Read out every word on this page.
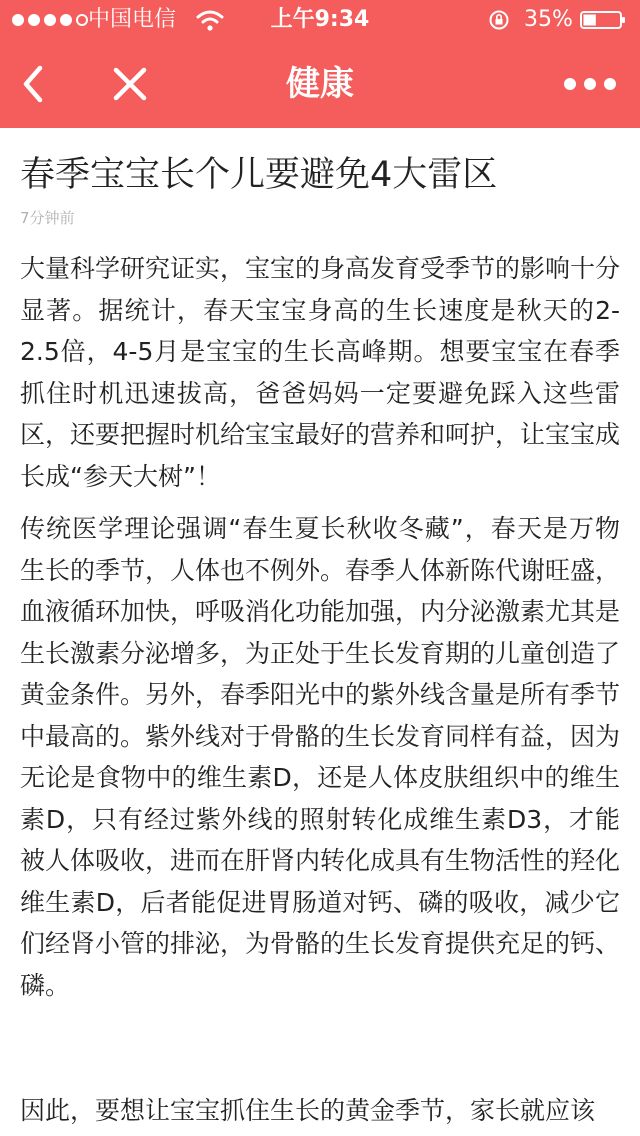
中国电信	上午9:34	35%
健康
春季宝宝长个儿要避免4大雷区
7分钟前

大量科学研究证实，宝宝的身高发育受季节的影响十分显著。据统计，春天宝宝身高的生长速度是秋天的2-2.5倍，4-5月是宝宝的生长高峰期。想要宝宝在春季抓住时机迅速拔高，爸爸妈妈一定要避免踩入这些雷区，还要把握时机给宝宝最好的营养和呵护，让宝宝成长成“参天大树”！

传统医学理论强调“春生夏长秋收冬藏”，春天是万物生长的季节，人体也不例外。春季人体新陈代谢旺盛，血液循环加快，呼吸消化功能加强，内分泌激素尤其是生长激素分泌增多，为正处于生长发育期的儿童创造了黄金条件。另外，春季阳光中的紫外线含量是所有季节中最高的。紫外线对于骨骼的生长发育同样有益，因为无论是食物中的维生素D，还是人体皮肤组织中的维生素D，只有经过紫外线的照射转化成维生素D3，才能被人体吸收，进而在肝肾内转化成具有生物活性的羟化维生素D，后者能促进胃肠道对钙、磷的吸收，减少它们经肾小管的排泌，为骨骼的生长发育提供充足的钙、磷。

因此，要想让宝宝抓住生长的黄金季节，家长就应该
